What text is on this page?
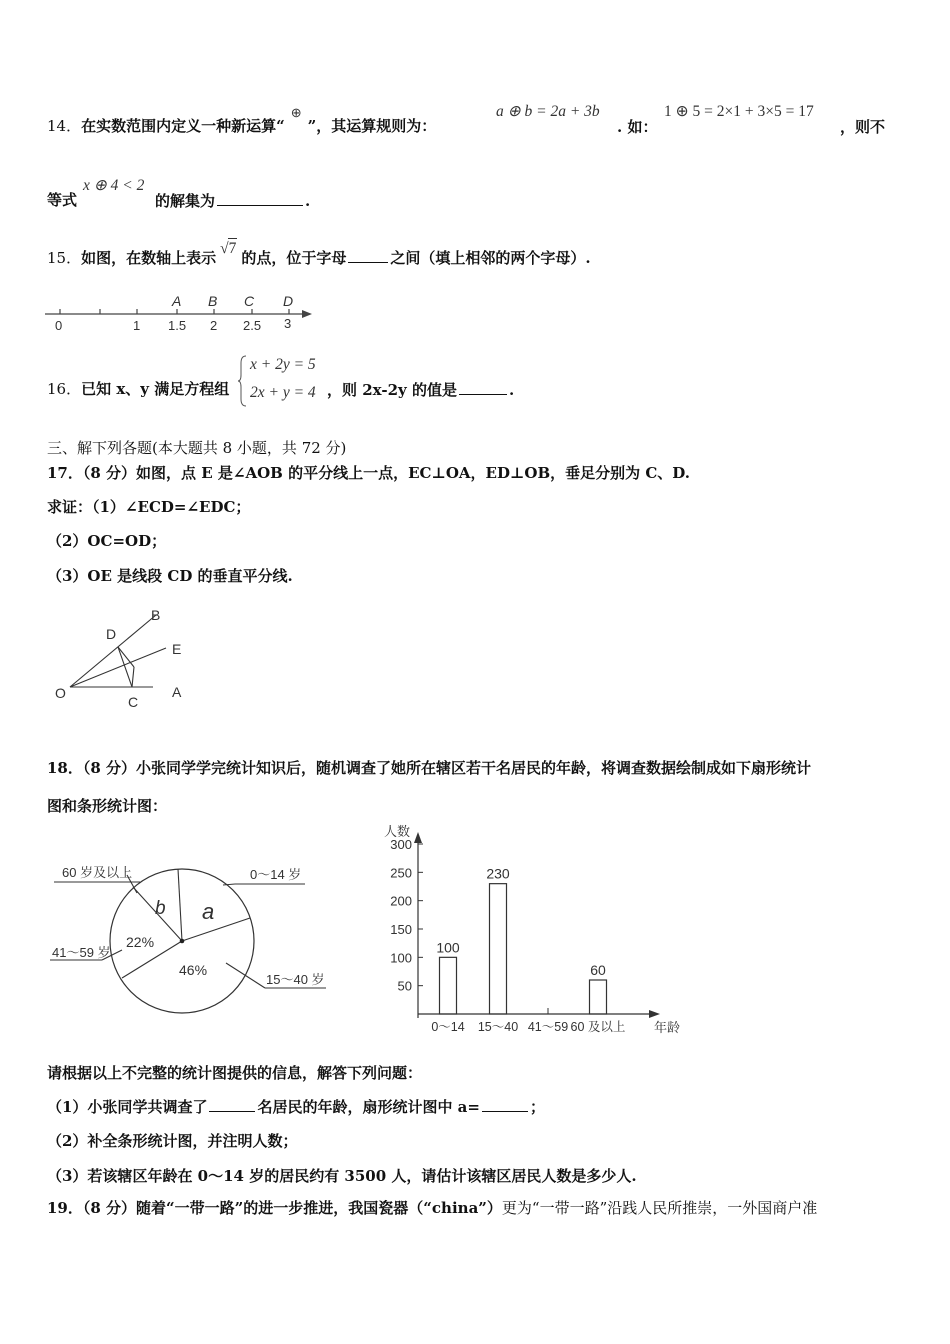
14．在实数范围内定义一种新运算“⊕”，其运算规则为：
a ⊕ b = 2a + 3b
. 如：
1 ⊕ 5 = 2×1 + 3×5 = 17
，则不
等式
x ⊕ 4 < 2
的解集为	.
15．如图，在数轴上表示√7的点，位于字母	之间（填上相邻的两个字母）.
A B C D
0	1 1.5 2 2.5 3
16．已知 x、y 满足方程组
x + 2y = 5
2x + y = 4 ，则 2x-2y 的值是	.
三、解下列各题(本大题共 8 小题，共 72 分)
17．（8 分）如图，点 E 是∠AOB 的平分线上一点，EC⊥OA，ED⊥OB，垂足分别为 C、D.
求证：（1）∠ECD=∠EDC；
（2）OC=OD；
（3）OE 是线段 CD 的垂直平分线.
O	A
B
C
D
E
18．（8 分）小张同学学完统计知识后，随机调查了她所在辖区若干名居民的年龄，将调查数据绘制成如下扇形统计
图和条形统计图：
60 岁及以上	0～14 岁
41～59 岁
15～40 岁
b a
22%
46%
人数
年龄
50
100
150
200
250
300
100
0～14
230
15～40 41～59
60
60 及以上
请根据以上不完整的统计图提供的信息，解答下列问题：
（1）小张同学共调查了	名居民的年龄，扇形统计图中 a=	；
（2）补全条形统计图，并注明人数；
（3）若该辖区年龄在 0～14 岁的居民约有 3500 人，请估计该辖区居民人数是多少人.
19．（8 分）随着“一带一路”的进一步推进，我国瓷器（“china”）更为“一带一路”沿践人民所推崇，一外国商户准
